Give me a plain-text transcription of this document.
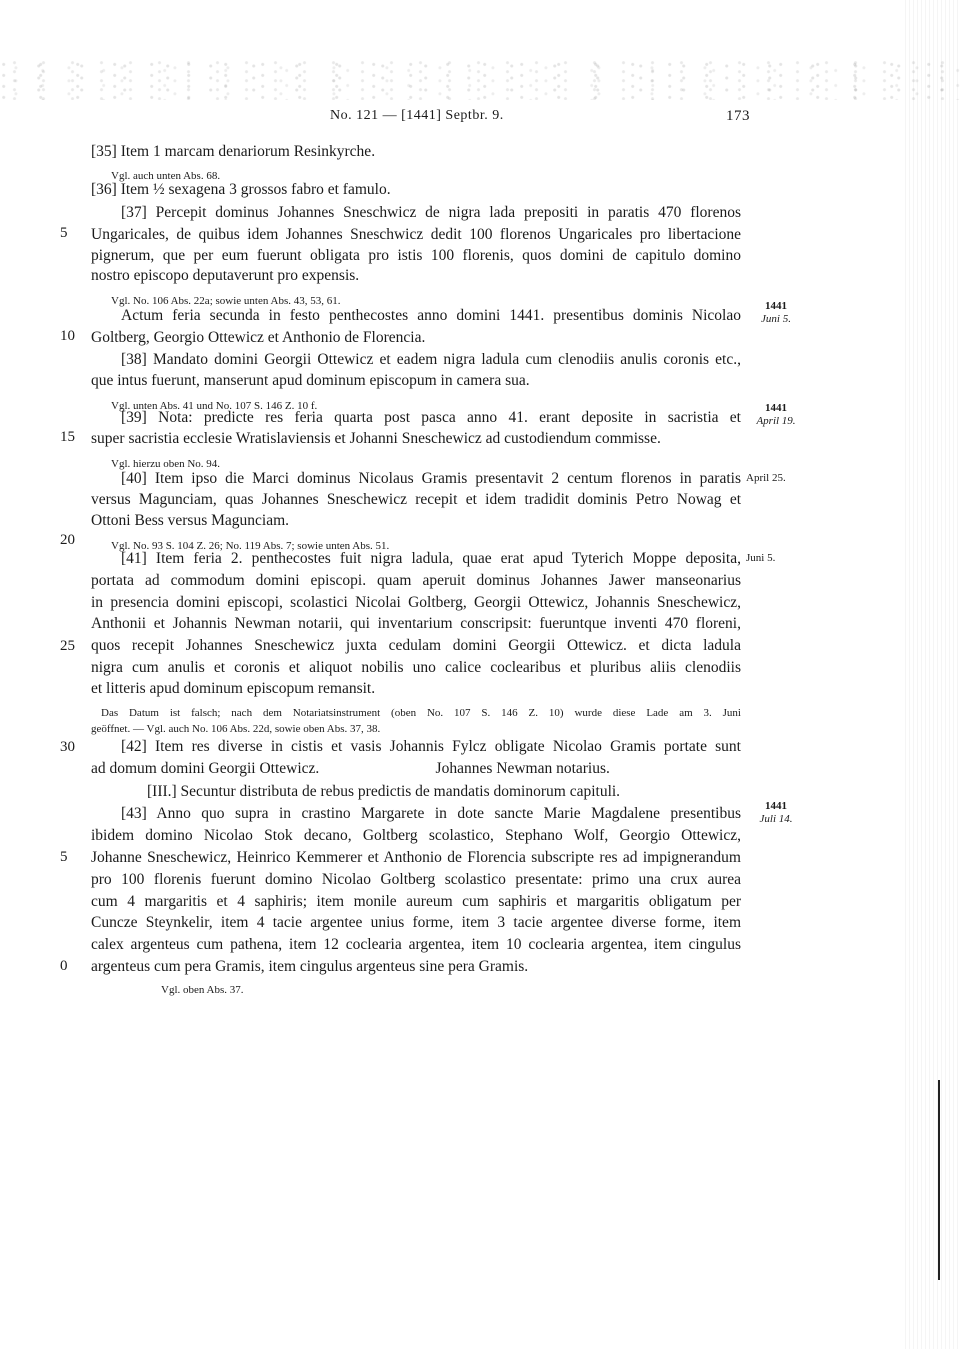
No. 121 — [1441] Septbr. 9.	173
[35] Item 1 marcam denariorum Resinkyrche.
Vgl. auch unten Abs. 68.
[36] Item ½ sexagena 3 grossos fabro et famulo.
[37] Percepit dominus Johannes Sneschwicz de nigra lada prepositi in paratis 470 florenos
Ungaricales, de quibus idem Johannes Sneschwicz dedit 100 florenos Ungaricales pro libertacione
pignerum, que per eum fuerunt obligata pro istis 100 florenis, quos domini de capitulo domino
nostro episcopo deputaverunt pro expensis.
Vgl. No. 106 Abs. 22a; sowie unten Abs. 43, 53, 61.
Actum feria secunda in festo penthecostes anno domini 1441. presentibus dominis Nicolao
Goltberg, Georgio Ottewicz et Anthonio de Florencia.
[38] Mandato domini Georgii Ottewicz et eadem nigra ladula cum clenodiis anulis coronis etc.,
que intus fuerunt, manserunt apud dominum episcopum in camera sua.
Vgl. unten Abs. 41 und No. 107 S. 146 Z. 10 f.
[39] Nota: predicte res feria quarta post pasca anno 41. erant deposite in sacristia et
super sacristia ecclesie Wratislaviensis et Johanni Sneschewicz ad custodiendum commisse.
Vgl. hierzu oben No. 94.
[40] Item ipso die Marci dominus Nicolaus Gramis presentavit 2 centum florenos in paratis
versus Magunciam, quas Johannes Sneschewicz recepit et idem tradidit dominis Petro Nowag et
Ottoni Bess versus Magunciam.
Vgl. No. 93 S. 104 Z. 26; No. 119 Abs. 7; sowie unten Abs. 51.
[41] Item feria 2. penthecostes fuit nigra ladula, quae erat apud Tyterich Moppe deposita,
portata ad commodum domini episcopi. quam aperuit dominus Johannes Jawer manseonarius
in presencia domini episcopi, scolastici Nicolai Goltberg, Georgii Ottewicz, Johannis Sneschewicz,
Anthonii et Johannis Newman notarii, qui inventarium conscripsit: fueruntque inventi 470 floreni,
quos recepit Johannes Sneschewicz juxta cedulam domini Georgii Ottewicz. et dicta ladula
nigra cum anulis et coronis et aliquot nobilis uno calice coclearibus et pluribus aliis clenodiis
et litteris apud dominum episcopum remansit.
Das Datum ist falsch; nach dem Notariatsinstrument (oben No. 107 S. 146 Z. 10) wurde diese Lade am 3. Juni
geöffnet. — Vgl. auch No. 106 Abs. 22d, sowie oben Abs. 37, 38.
[42] Item res diverse in cistis et vasis Johannis Fylcz obligate Nicolao Gramis portate sunt
ad domum domini Georgii Ottewicz.                              Johannes Newman notarius.
[III.] Secuntur distributa de rebus predictis de mandatis dominorum capituli.
[43] Anno quo supra in crastino Margarete in dote sancte Marie Magdalene presentibus
ibidem domino Nicolao Stok decano, Goltberg scolastico, Stephano Wolf, Georgio Ottewicz,
Johanne Sneschewicz, Heinrico Kemmerer et Anthonio de Florencia subscripte res ad impignerandum
pro 100 florenis fuerunt domino Nicolao Goltberg scolastico presentate: primo una crux aurea
cum 4 margaritis et 4 saphiris; item monile aureum cum saphiris et margaritis obligatum per
Cuncze Steynkelir, item 4 tacie argentee unius forme, item 3 tacie argentee diverse forme, item
calex argenteus cum pathena, item 12 coclearia argentea, item 10 coclearia argentea, item cingulus
argenteus cum pera Gramis, item cingulus argenteus sine pera Gramis.
Vgl. oben Abs. 37.
5
10
15
20
25
30
5
0
1441
Juni 5.
1441
April 19.
April 25.
Juni 5.
1441
Juli 14.
